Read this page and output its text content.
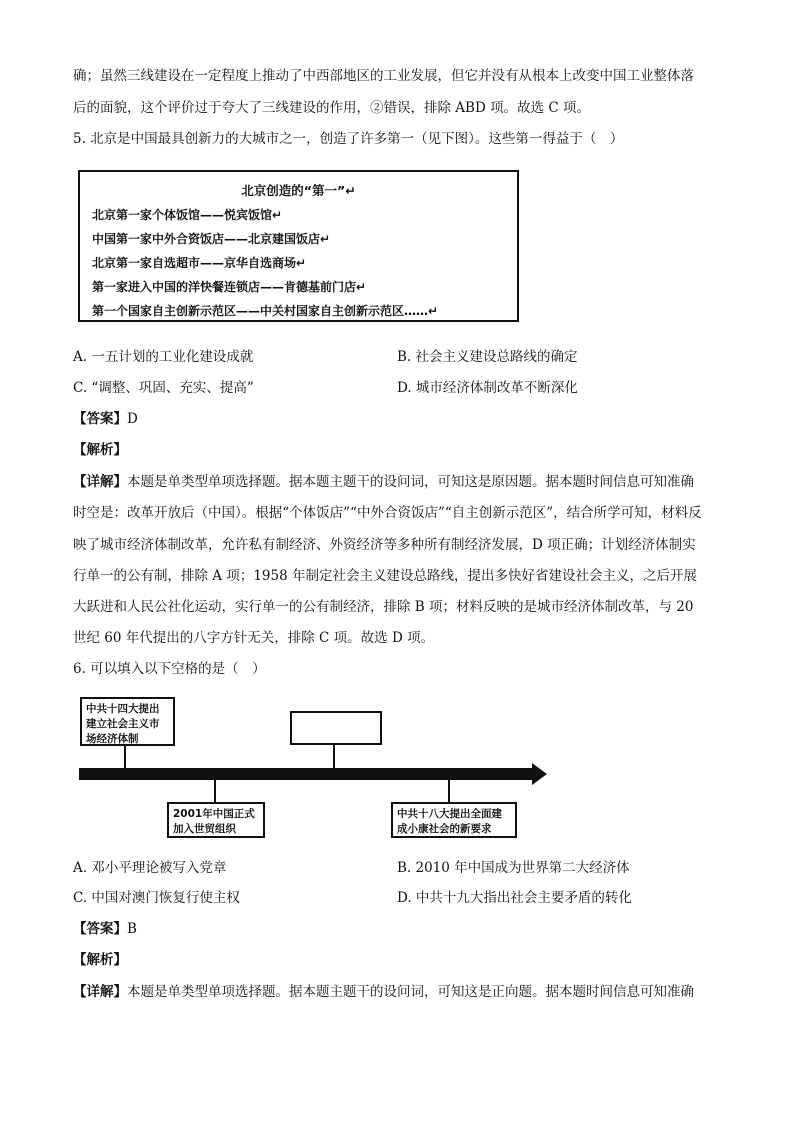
确；虽然三线建设在一定程度上推动了中西部地区的工业发展，但它并没有从根本上改变中国工业整体落
后的面貌，这个评价过于夸大了三线建设的作用，②错误，排除 ABD 项。故选 C 项。
5. 北京是中国最具创新力的大城市之一，创造了许多第一（见下图）。这些第一得益于（　）
北京创造的“第一”↵
北京第一家个体饭馆——悦宾饭馆↵
中国第一家中外合资饭店——北京建国饭店↵
北京第一家自选超市——京华自选商场↵
第一家进入中国的洋快餐连锁店——肯德基前门店↵
第一个国家自主创新示范区——中关村国家自主创新示范区……↵
A. 一五计划的工业化建设成就	B. 社会主义建设总路线的确定
C. “调整、巩固、充实、提高”	D. 城市经济体制改革不断深化
【答案】D
【解析】
【详解】本题是单类型单项选择题。据本题主题干的设问词，可知这是原因题。据本题时间信息可知准确
时空是：改革开放后（中国）。根据“个体饭店”“中外合资饭店”“自主创新示范区”，结合所学可知，材料反
映了城市经济体制改革，允许私有制经济、外资经济等多种所有制经济发展，D 项正确；计划经济体制实
行单一的公有制，排除 A 项；1958 年制定社会主义建设总路线，提出多快好省建设社会主义，之后开展
大跃进和人民公社化运动，实行单一的公有制经济，排除 B 项；材料反映的是城市经济体制改革，与 20
世纪 60 年代提出的八字方针无关，排除 C 项。故选 D 项。
6. 可以填入以下空格的是（　）
中共十四大提出
建立社会主义市
场经济体制
2001年中国正式
加入世贸组织
中共十八大提出全面建
成小康社会的新要求
A. 邓小平理论被写入党章	B. 2010 年中国成为世界第二大经济体
C. 中国对澳门恢复行使主权	D. 中共十九大指出社会主要矛盾的转化
【答案】B
【解析】
【详解】本题是单类型单项选择题。据本题主题干的设问词，可知这是正向题。据本题时间信息可知准确
